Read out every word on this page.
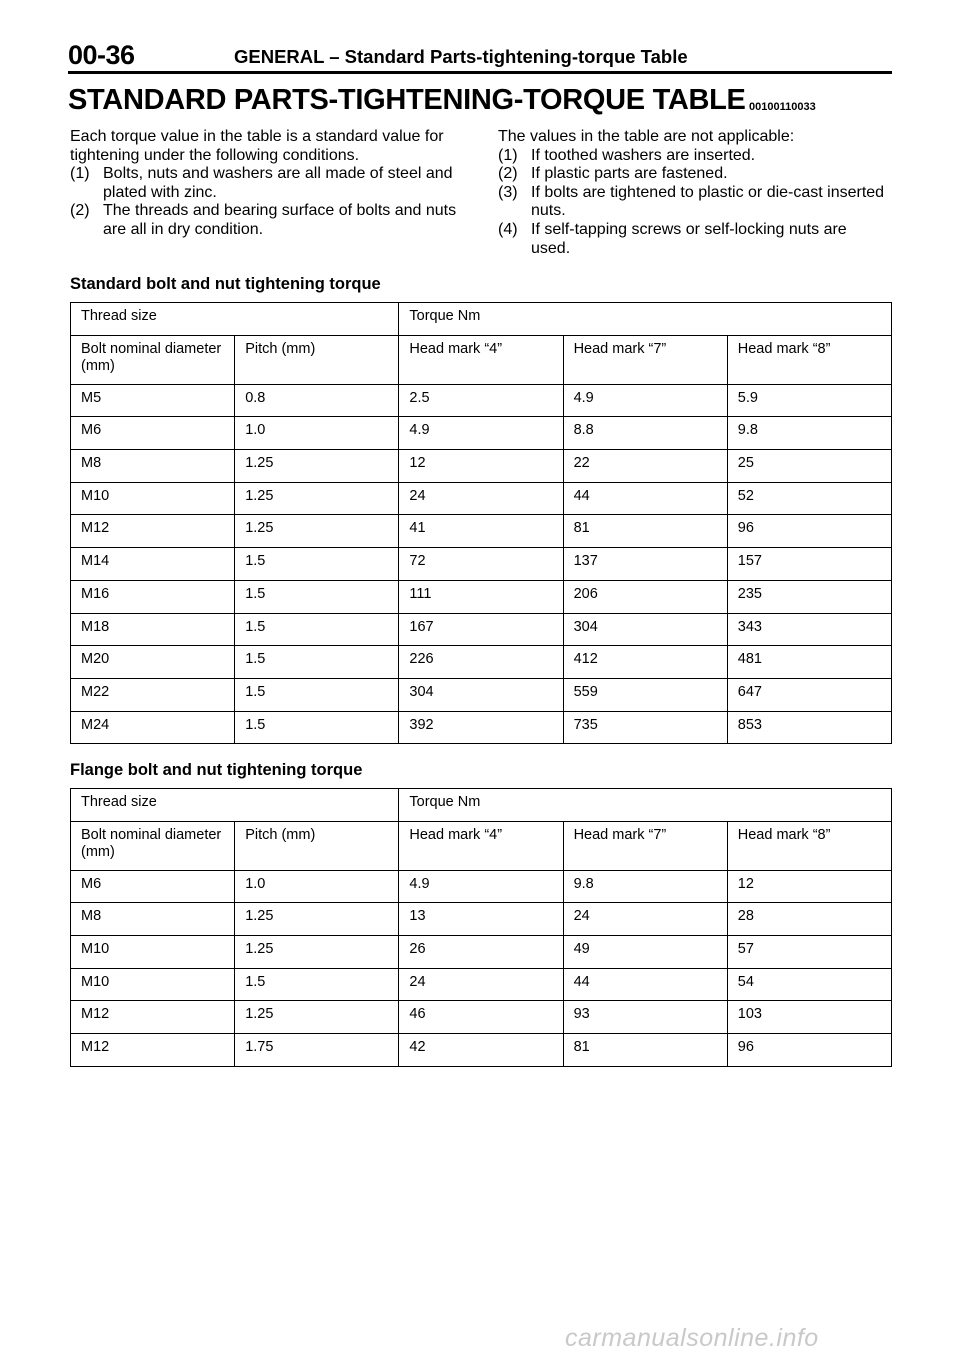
00-36	GENERAL – Standard Parts-tightening-torque Table
STANDARD PARTS-TIGHTENING-TORQUE TABLE 00100110033

Each torque value in the table is a standard value for tightening under the following conditions.

(1) Bolts, nuts and washers are all made of steel and plated with zinc.
(2) The threads and bearing surface of bolts and nuts are all in dry condition.

The values in the table are not applicable:

(1) If toothed washers are inserted.
(2) If plastic parts are fastened.
(3) If bolts are tightened to plastic or die-cast inserted nuts.
(4) If self-tapping screws or self-locking nuts are used.
Standard bolt and nut tightening torque
Thread size		Torque Nm		
Bolt nominal diameter (mm)	Pitch (mm)	Head mark “4”	Head mark “7”	Head mark “8”
M5	0.8	2.5	4.9	5.9
M6	1.0	4.9	8.8	9.8
M8	1.25	12	22	25
M10	1.25	24	44	52
M12	1.25	41	81	96
M14	1.5	72	137	157
M16	1.5	111	206	235
M18	1.5	167	304	343
M20	1.5	226	412	481
M22	1.5	304	559	647
M24	1.5	392	735	853
Flange bolt and nut tightening torque
Thread size		Torque Nm		
Bolt nominal diameter (mm)	Pitch (mm)	Head mark “4”	Head mark “7”	Head mark “8”
M6	1.0	4.9	9.8	12
M8	1.25	13	24	28
M10	1.25	26	49	57
M10	1.5	24	44	54
M12	1.25	46	93	103
M12	1.75	42	81	96
carmanualsonline.info
